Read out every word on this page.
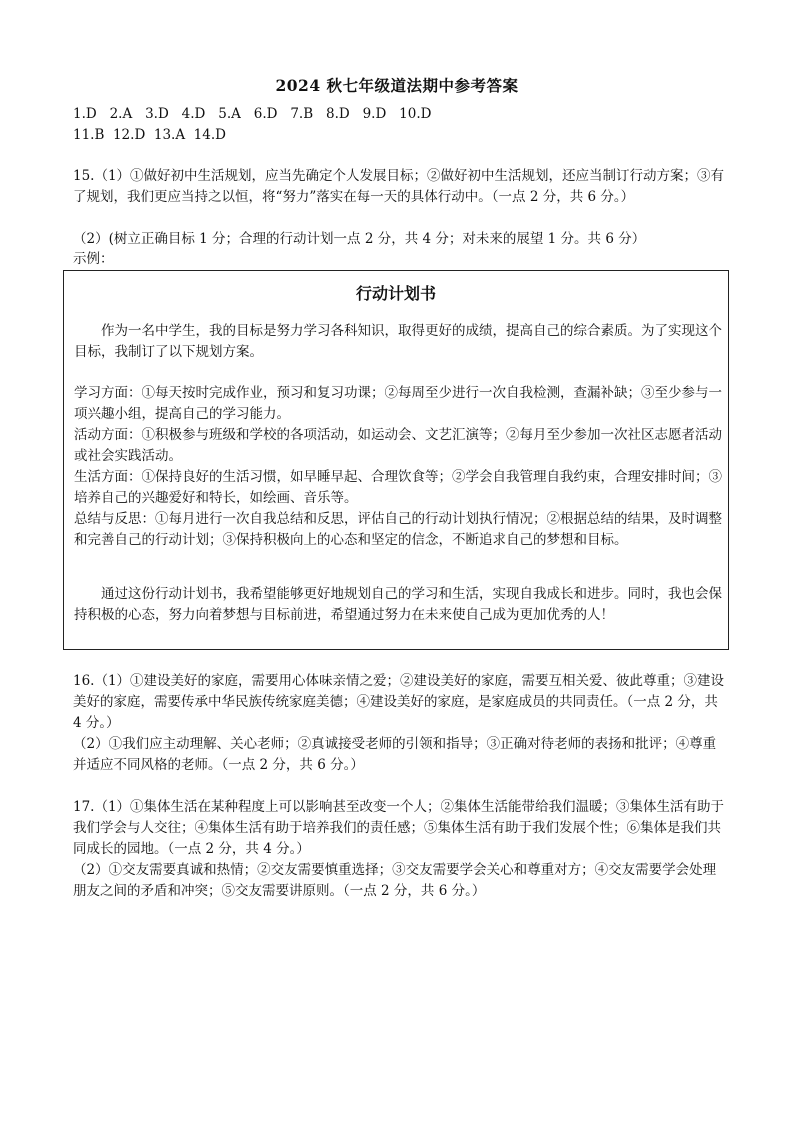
2024 秋七年级道法期中参考答案
1.D   2.A   3.D   4.D   5.A   6.D   7.B   8.D   9.D   10.D
11.B  12.D  13.A  14.D
15.（1）①做好初中生活规划，应当先确定个人发展目标；②做好初中生活规划，还应当制订行动方案；③有了规划，我们更应当持之以恒，将“努力”落实在每一天的具体行动中。（一点 2 分，共 6 分。）
（2）(树立正确目标 1 分；合理的行动计划一点 2 分，共 4 分；对未来的展望 1 分。共 6 分）
示例：
行动计划书
作为一名中学生，我的目标是努力学习各科知识，取得更好的成绩，提高自己的综合素质。为了实现这个目标，我制订了以下规划方案。
学习方面：①每天按时完成作业，预习和复习功课；②每周至少进行一次自我检测，查漏补缺；③至少参与一项兴趣小组，提高自己的学习能力。
活动方面：①积极参与班级和学校的各项活动，如运动会、文艺汇演等；②每月至少参加一次社区志愿者活动或社会实践活动。
生活方面：①保持良好的生活习惯，如早睡早起、合理饮食等；②学会自我管理自我约束，合理安排时间；③培养自己的兴趣爱好和特长，如绘画、音乐等。
总结与反思：①每月进行一次自我总结和反思，评估自己的行动计划执行情况；②根据总结的结果，及时调整和完善自己的行动计划；③保持积极向上的心态和坚定的信念，不断追求自己的梦想和目标。
通过这份行动计划书，我希望能够更好地规划自己的学习和生活，实现自我成长和进步。同时，我也会保持积极的心态，努力向着梦想与目标前进，希望通过努力在未来使自己成为更加优秀的人！
16.（1）①建设美好的家庭，需要用心体味亲情之爱；②建设美好的家庭，需要互相关爱、彼此尊重；③建设美好的家庭，需要传承中华民族传统家庭美德；④建设美好的家庭，是家庭成员的共同责任。（一点 2 分，共 4 分。）
（2）①我们应主动理解、关心老师；②真诚接受老师的引领和指导；③正确对待老师的表扬和批评；④尊重并适应不同风格的老师。（一点 2 分，共 6 分。）
17.（1）①集体生活在某种程度上可以影响甚至改变一个人；②集体生活能带给我们温暖；③集体生活有助于我们学会与人交往；④集体生活有助于培养我们的责任感；⑤集体生活有助于我们发展个性；⑥集体是我们共同成长的园地。（一点 2 分，共 4 分。）
（2）①交友需要真诚和热情；②交友需要慎重选择；③交友需要学会关心和尊重对方；④交友需要学会处理朋友之间的矛盾和冲突；⑤交友需要讲原则。（一点 2 分，共 6 分。）
